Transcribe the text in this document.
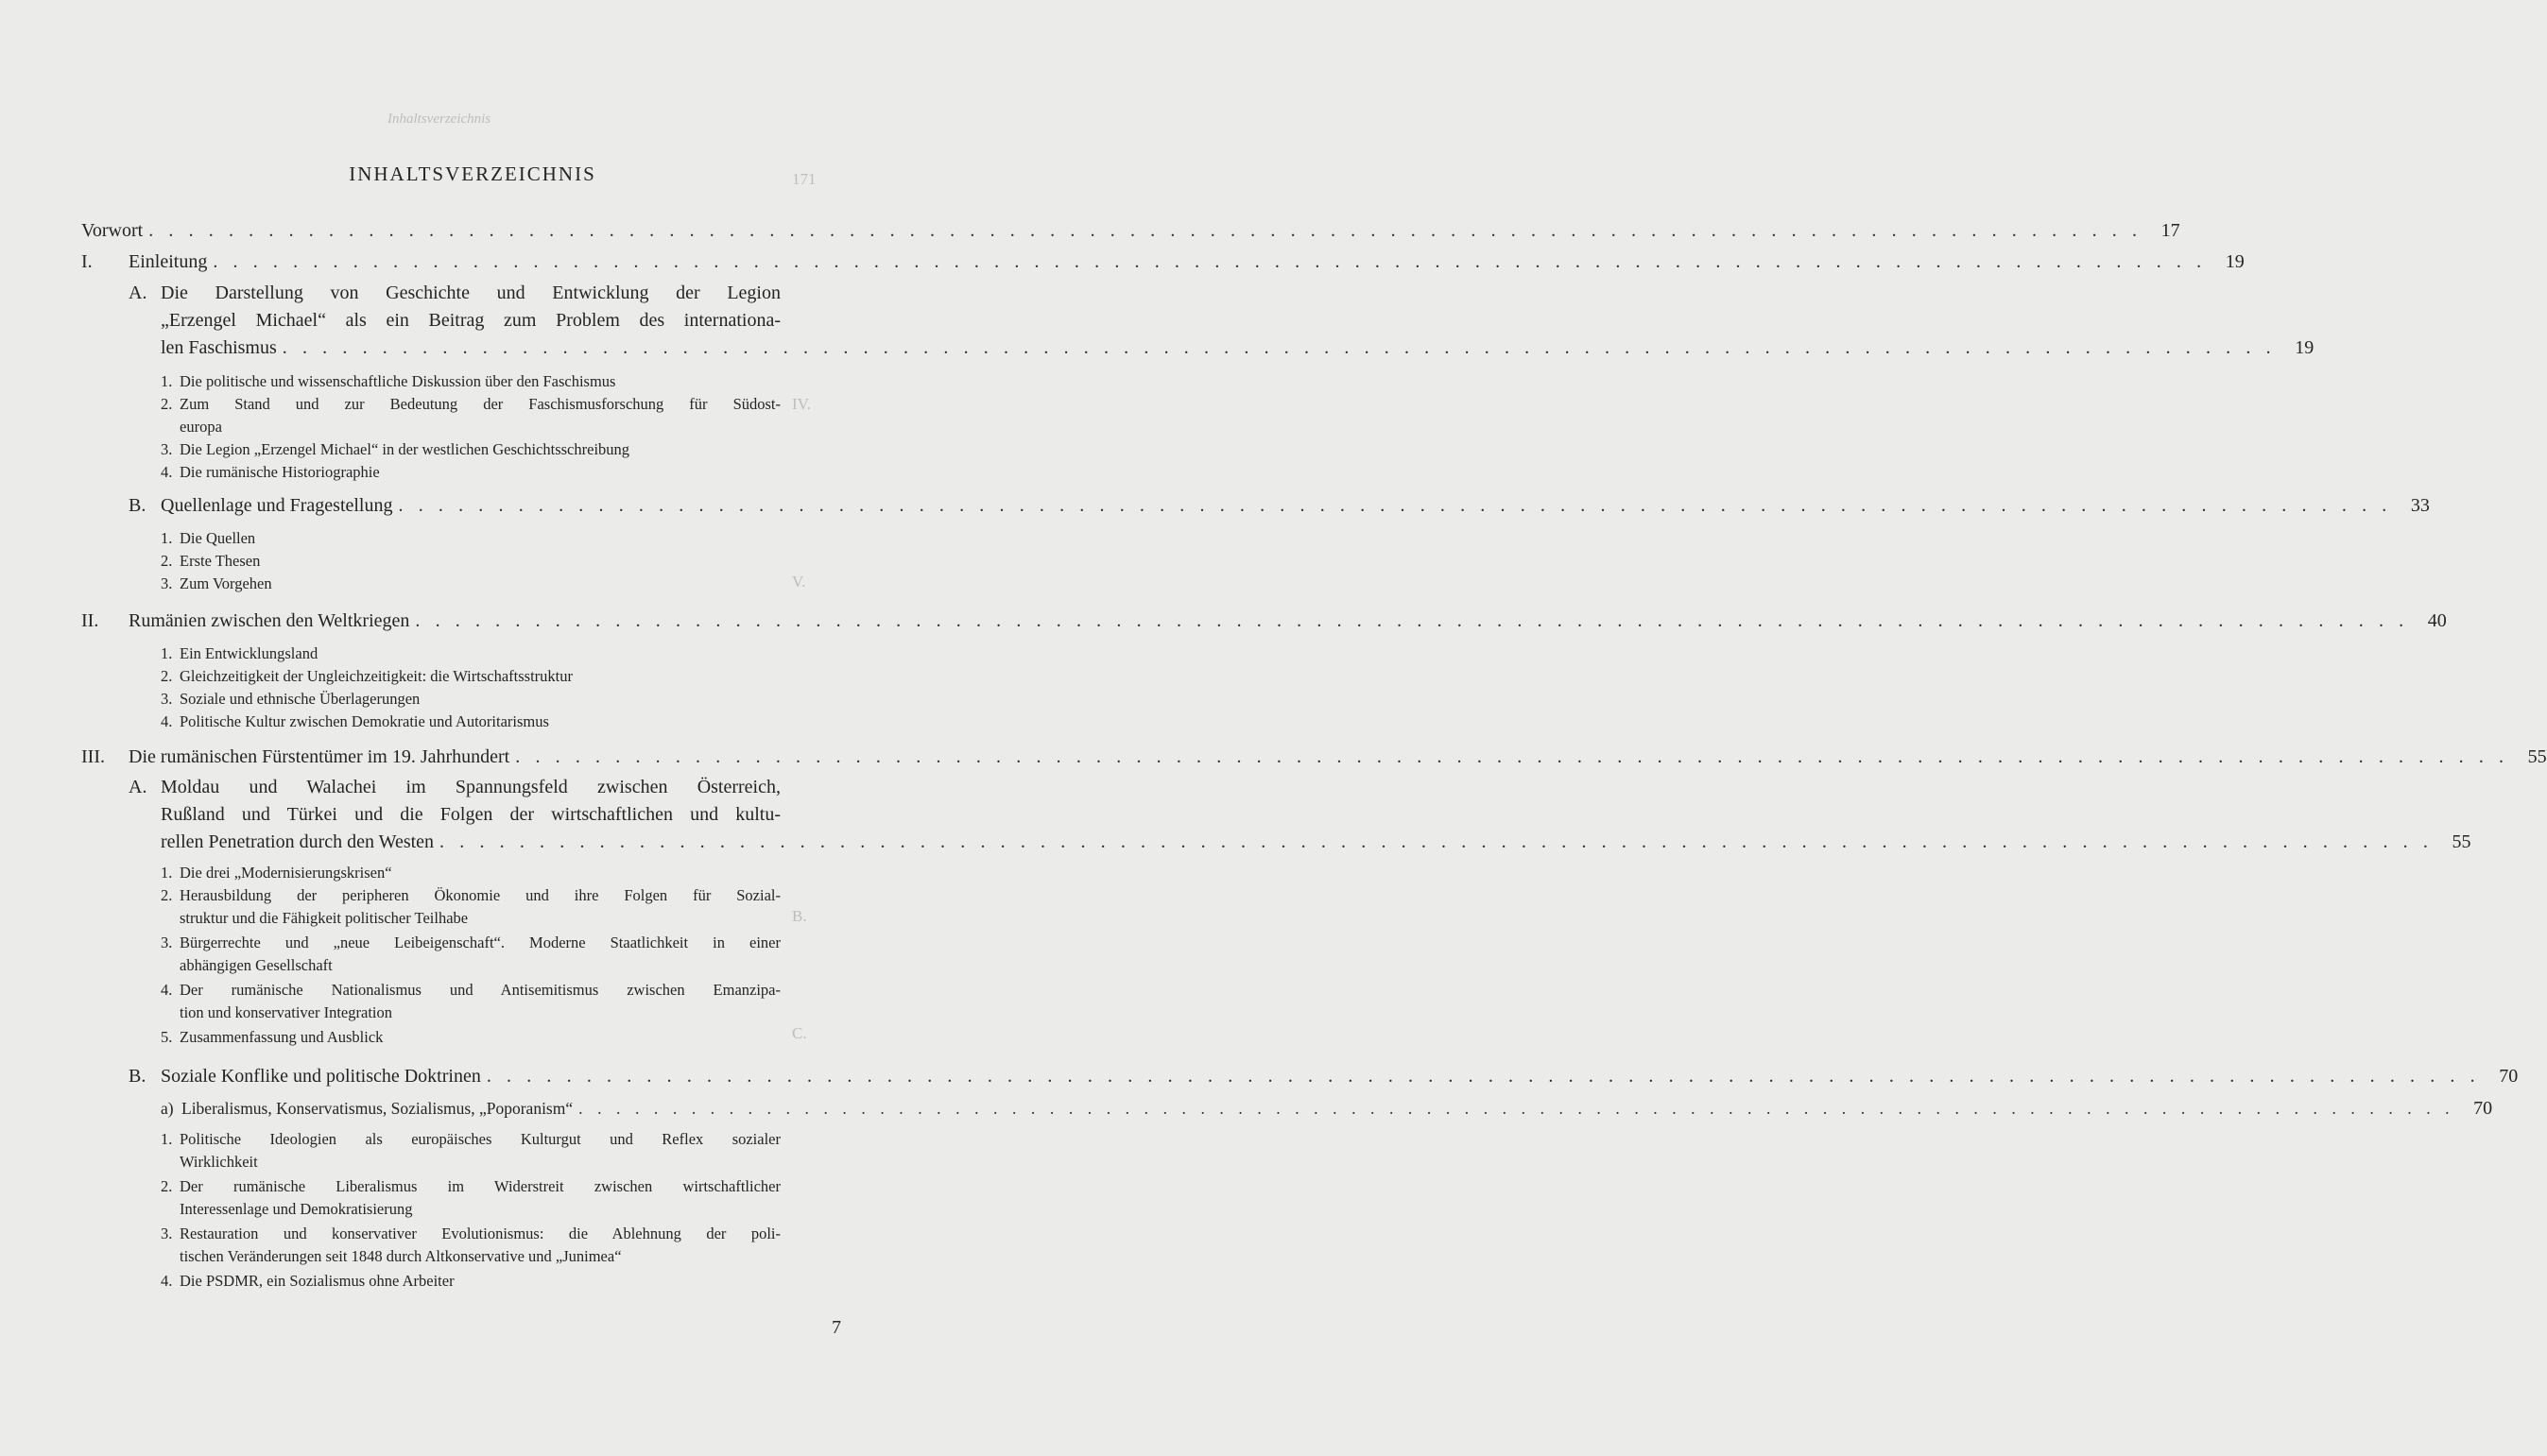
Inhaltsverzeichnis
171
IV.
V.
B.
C.
INHALTSVERZEICHNIS
Vorwort . . .	17
I.	Einleitung . . .	19
A. Die Darstellung von Geschichte und Entwicklung der Legion
„Erzengel Michael“ als ein Beitrag zum Problem des internationa-
len Faschismus . . .	19
1. Die politische und wissenschaftliche Diskussion über den Faschismus
2. Zum Stand und zur Bedeutung der Faschismusforschung für Südost-
europa
3. Die Legion „Erzengel Michael“ in der westlichen Geschichtsschreibung
4. Die rumänische Historiographie
B. Quellenlage und Fragestellung . . .	33
1. Die Quellen
2. Erste Thesen
3. Zum Vorgehen
II.	Rumänien zwischen den Weltkriegen . . .	40
1. Ein Entwicklungsland
2. Gleichzeitigkeit der Ungleichzeitigkeit: die Wirtschaftsstruktur
3. Soziale und ethnische Überlagerungen
4. Politische Kultur zwischen Demokratie und Autoritarismus
III.	Die rumänischen Fürstentümer im 19. Jahrhundert . . .	55
A. Moldau und Walachei im Spannungsfeld zwischen Österreich,
Rußland und Türkei und die Folgen der wirtschaftlichen und kultu-
rellen Penetration durch den Westen . . .	55
1. Die drei „Modernisierungskrisen“
2. Herausbildung der peripheren Ökonomie und ihre Folgen für Sozial-
struktur und die Fähigkeit politischer Teilhabe
3. Bürgerrechte und „neue Leibeigenschaft“. Moderne Staatlichkeit in einer
abhängigen Gesellschaft
4. Der rumänische Nationalismus und Antisemitismus zwischen Emanzipa-
tion und konservativer Integration
5. Zusammenfassung und Ausblick
B. Soziale Konflike und politische Doktrinen . . .	70
a) Liberalismus, Konservatismus, Sozialismus, „Poporanism“ . . .	70
1. Politische Ideologien als europäisches Kulturgut und Reflex sozialer
Wirklichkeit
2. Der rumänische Liberalismus im Widerstreit zwischen wirtschaftlicher
Interessenlage und Demokratisierung
3. Restauration und konservativer Evolutionismus: die Ablehnung der poli-
tischen Veränderungen seit 1848 durch Altkonservative und „Junimea“
4. Die PSDMR, ein Sozialismus ohne Arbeiter
7
